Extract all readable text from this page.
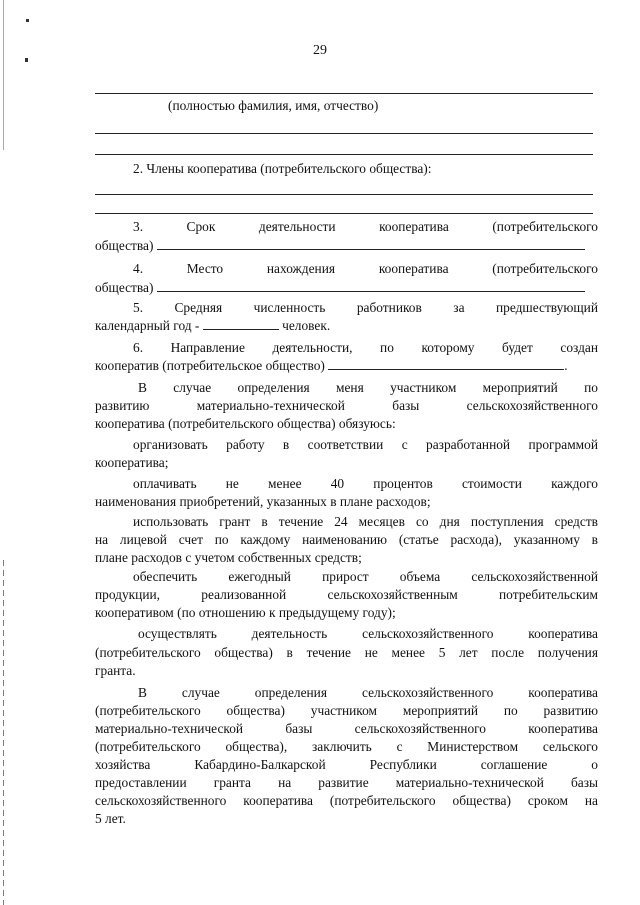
29
(полностью фамилия, имя, отчество)
2. Члены кооператива (потребительского общества):
3. Срок деятельности кооператива (потребительского
общества)
4. Место нахождения кооператива (потребительского
общества)
5. Средняя численность работников за предшествующий
календарный год -	человек.
6. Направление деятельности, по которому будет создан
кооператив (потребительское общество)	.
В случае определения меня участником мероприятий по
развитию материально-технической базы сельскохозяйственного
кооператива (потребительского общества) обязуюсь:
организовать работу в соответствии с разработанной программой
кооператива;
оплачивать не менее 40 процентов стоимости каждого
наименования приобретений, указанных в плане расходов;
использовать грант в течение 24 месяцев со дня поступления средств
на лицевой счет по каждому наименованию (статье расхода), указанному в
плане расходов с учетом собственных средств;
обеспечить ежегодный прирост объема сельскохозяйственной
продукции, реализованной сельскохозяйственным потребительским
кооперативом (по отношению к предыдущему году);
осуществлять деятельность сельскохозяйственного кооператива
(потребительского общества) в течение не менее 5 лет после получения
гранта.
В случае определения сельскохозяйственного кооператива
(потребительского общества) участником мероприятий по развитию
материально-технической базы сельскохозяйственного кооператива
(потребительского общества), заключить с Министерством сельского
хозяйства Кабардино-Балкарской Республики соглашение о
предоставлении гранта на развитие материально-технической базы
сельскохозяйственного кооператива (потребительского общества) сроком на
5 лет.
